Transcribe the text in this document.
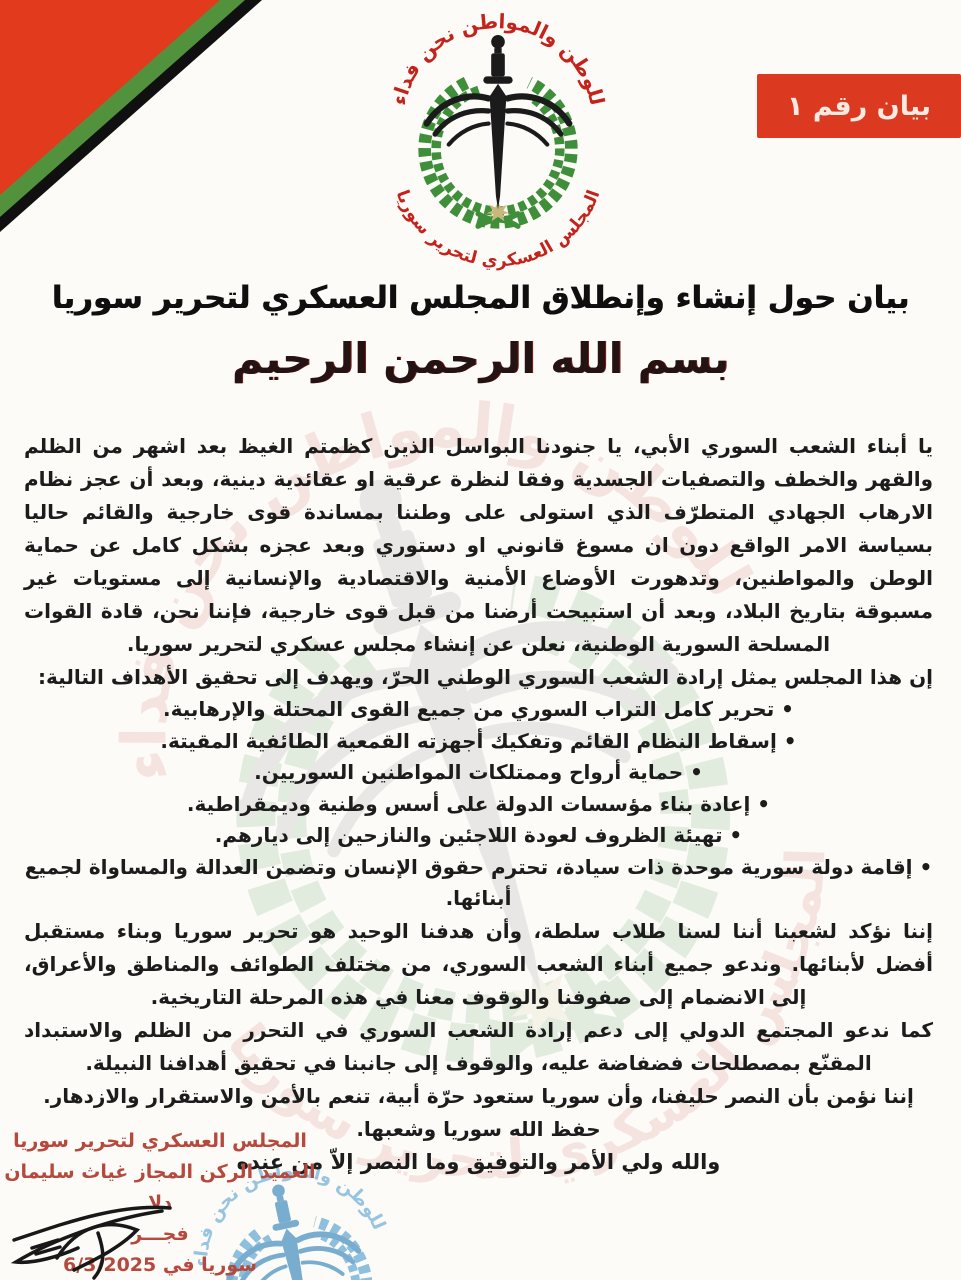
بيان رقم ١
بيان حول إنشاء وإنطلاق المجلس العسكري لتحرير سوريا
بسم الله الرحمن الرحيم

يا أبناء الشعب السوري الأبي، يا جنودنا البواسل الذين كظمتم الغيظ بعد اشهر من الظلم والقهر والخطف والتصفيات الجسدية وفقا لنظرة عرقية او عقائدية دينية، وبعد أن عجز نظام الارهاب الجهادي المتطرّف الذي استولى على وطننا بمساندة قوى خارجية والقائم حاليا بسياسة الامر الواقع دون ان مسوغ قانوني او دستوري وبعد عجزه بشكل كامل عن حماية الوطن والمواطنين، وتدهورت الأوضاع الأمنية والاقتصادية والإنسانية إلى مستويات غير مسبوقة بتاريخ البلاد، وبعد أن استبيحت أرضنا من قبل قوى خارجية، فإننا نحن، قادة القوات المسلحة السورية الوطنية، نعلن عن إنشاء مجلس عسكري لتحرير سوريا.

إن هذا المجلس يمثل إرادة الشعب السوري الوطني الحرّ، ويهدف إلى تحقيق الأهداف التالية:

• تحرير كامل التراب السوري من جميع القوى المحتلة والإرهابية.
• إسقاط النظام القائم وتفكيك أجهزته القمعية الطائفية المقيتة.
• حماية أرواح وممتلكات المواطنين السوريين.
• إعادة بناء مؤسسات الدولة على أسس وطنية وديمقراطية.
• تهيئة الظروف لعودة اللاجئين والنازحين إلى ديارهم.
• إقامة دولة سورية موحدة ذات سيادة، تحترم حقوق الإنسان وتضمن العدالة والمساواة لجميع أبنائها.

إننا نؤكد لشعبنا أننا لسنا طلاب سلطة، وأن هدفنا الوحيد هو تحرير سوريا وبناء مستقبل أفضل لأبنائها. وندعو جميع أبناء الشعب السوري، من مختلف الطوائف والمناطق والأعراق، إلى الانضمام إلى صفوفنا والوقوف معنا في هذه المرحلة التاريخية.

كما ندعو المجتمع الدولي إلى دعم إرادة الشعب السوري في التحرر من الظلم والاستبداد المقنّع بمصطلحات فضفاضة عليه، والوقوف إلى جانبنا في تحقيق أهدافنا النبيلة.

إننا نؤمن بأن النصر حليفنا، وأن سوريا ستعود حرّة أبية، تنعم بالأمن والاستقرار والازدهار.

حفظ الله سوريا وشعبها.

والله ولي الأمر والتوفيق وما النصر إلاّ من عنده

المجلس العسكري لتحرير سوريا
العميد الركن المجاز غياث سليمان دلا
فجـــر
سوريا في 6/3/2025
